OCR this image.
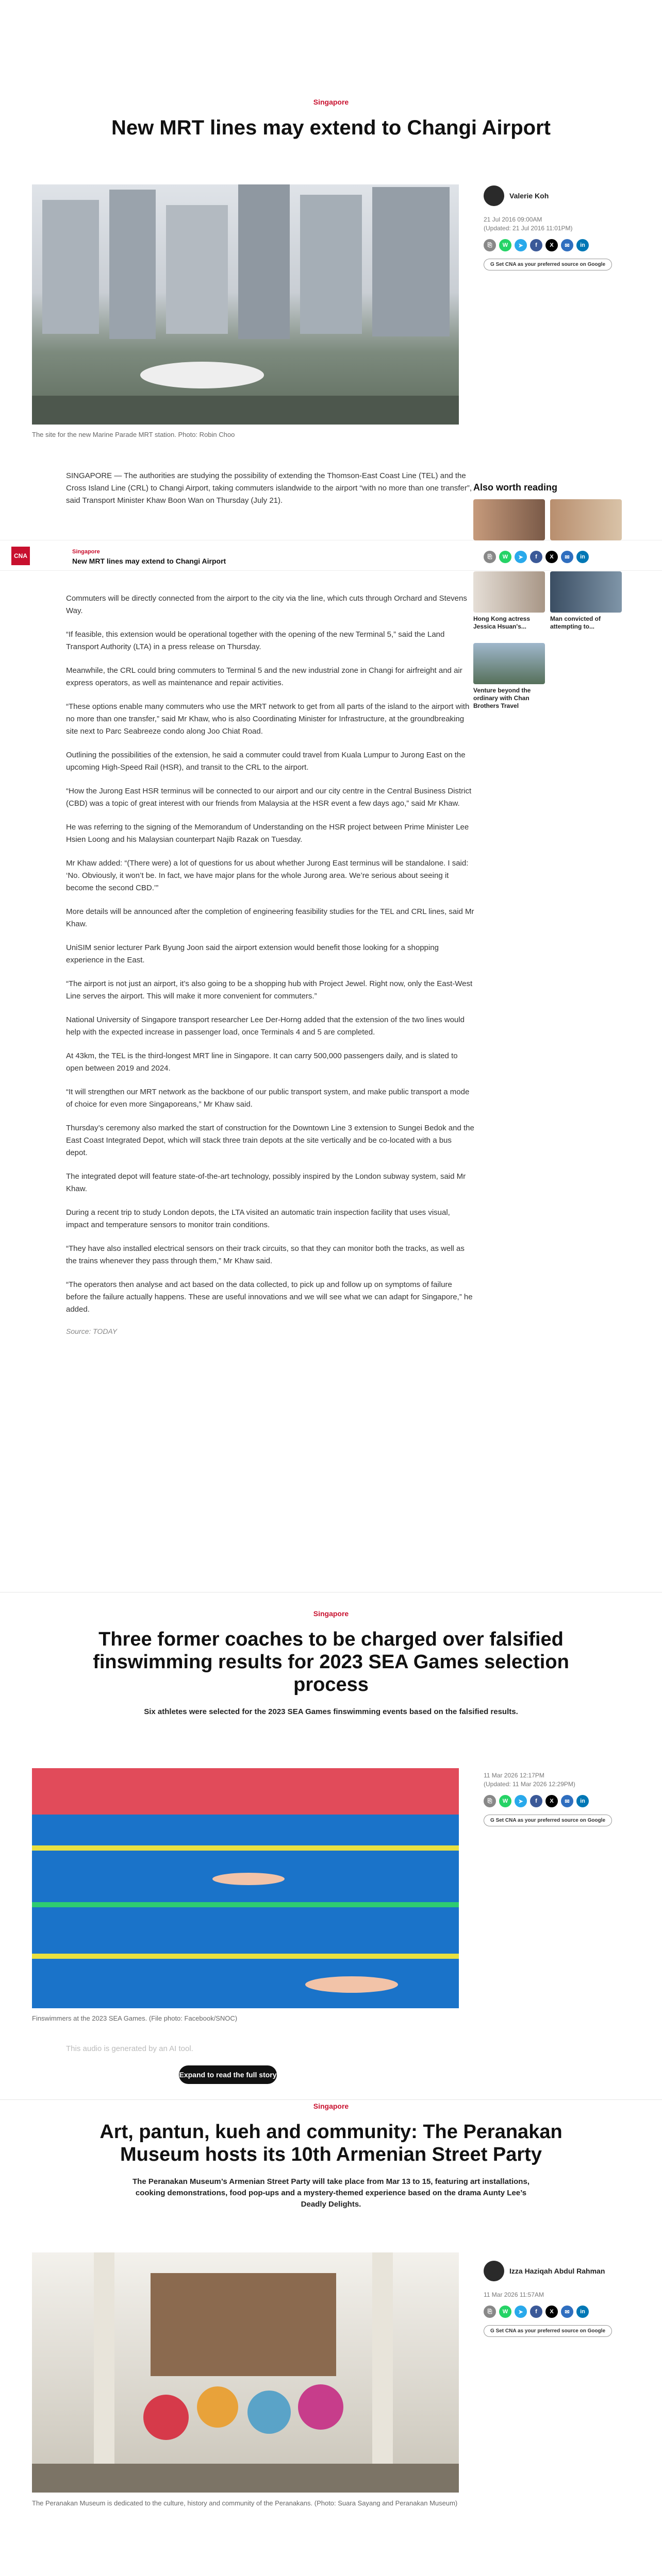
Singapore
New MRT lines may extend to Changi Airport
The site for the new Marine Parade MRT station. Photo: Robin Choo
Valerie Koh
21 Jul 2016 09:00AM
(Updated: 21 Jul 2016 11:01PM)
⎘	W	➤	f	X	✉	in
G Set CNA as your preferred source on Google

SINGAPORE — The authorities are studying the possibility of extending the Thomson-East Coast Line (TEL) and the Cross Island Line (CRL) to Changi Airport, taking commuters islandwide to the airport “with no more than one transfer”, said Transport Minister Khaw Boon Wan on Thursday (July 21).

CNA
Singapore
New MRT lines may extend to Changi Airport
⎘	W	➤	f	X	✉	in

Commuters will be directly connected from the airport to the city via the line, which cuts through Orchard and Stevens Way.

“If feasible, this extension would be operational together with the opening of the new Terminal 5,” said the Land Transport Authority (LTA) in a press release on Thursday.

Meanwhile, the CRL could bring commuters to Terminal 5 and the new industrial zone in Changi for airfreight and air express operators, as well as maintenance and repair activities.

“These options enable many commuters who use the MRT network to get from all parts of the island to the airport with no more than one transfer,” said Mr Khaw, who is also Coordinating Minister for Infrastructure, at the groundbreaking site next to Parc Seabreeze condo along Joo Chiat Road.

Outlining the possibilities of the extension, he said a commuter could travel from Kuala Lumpur to Jurong East on the upcoming High-Speed Rail (HSR), and transit to the CRL to the airport.

“How the Jurong East HSR terminus will be connected to our airport and our city centre in the Central Business District (CBD) was a topic of great interest with our friends from Malaysia at the HSR event a few days ago,” said Mr Khaw.

He was referring to the signing of the Memorandum of Understanding on the HSR project between Prime Minister Lee Hsien Loong and his Malaysian counterpart Najib Razak on Tuesday.

Mr Khaw added: “(There were) a lot of questions for us about whether Jurong East terminus will be standalone. I said: ‘No. Obviously, it won’t be. In fact, we have major plans for the whole Jurong area. We’re serious about seeing it become the second CBD.’”

More details will be announced after the completion of engineering feasibility studies for the TEL and CRL lines, said Mr Khaw.

UniSIM senior lecturer Park Byung Joon said the airport extension would benefit those looking for a shopping experience in the East.

“The airport is not just an airport, it’s also going to be a shopping hub with Project Jewel. Right now, only the East-West Line serves the airport. This will make it more convenient for commuters.”

National University of Singapore transport researcher Lee Der-Horng added that the extension of the two lines would help with the expected increase in passenger load, once Terminals 4 and 5 are completed.

At 43km, the TEL is the third-longest MRT line in Singapore. It can carry 500,000 passengers daily, and is slated to open between 2019 and 2024.

“It will strengthen our MRT network as the backbone of our public transport system, and make public transport a mode of choice for even more Singaporeans,” Mr Khaw said.

Thursday’s ceremony also marked the start of construction for the Downtown Line 3 extension to Sungei Bedok and the East Coast Integrated Depot, which will stack three train depots at the site vertically and be co-located with a bus depot.

The integrated depot will feature state-of-the-art technology, possibly inspired by the London subway system, said Mr Khaw.

During a recent trip to study London depots, the LTA visited an automatic train inspection facility that uses visual, impact and temperature sensors to monitor train conditions.

“They have also installed electrical sensors on their track circuits, so that they can monitor both the tracks, as well as the trains whenever they pass through them,” Mr Khaw said.

“The operators then analyse and act based on the data collected, to pick up and follow up on symptoms of failure before the failure actually happens. These are useful innovations and we will see what we can adapt for Singapore,” he added.

Source: TODAY
Also worth reading
Hong Kong actress Jessica Hsuan's...
Man convicted of attempting to...
Venture beyond the ordinary with Chan Brothers Travel
Singapore
Three former coaches to be charged over falsified finswimming results for 2023 SEA Games selection process
Six athletes were selected for the 2023 SEA Games finswimming events based on the falsified results.
Finswimmers at the 2023 SEA Games. (File photo: Facebook/SNOC)
11 Mar 2026 12:17PM
(Updated: 11 Mar 2026 12:29PM)
⎘	W	➤	f	X	✉	in
G Set CNA as your preferred source on Google
This audio is generated by an AI tool.
Expand to read the full story
Singapore
Art, pantun, kueh and community: The Peranakan Museum hosts its 10th Armenian Street Party
The Peranakan Museum’s Armenian Street Party will take place from Mar 13 to 15, featuring art installations, cooking demonstrations, food pop-ups and a mystery-themed experience based on the drama Aunty Lee’s Deadly Delights.
The Peranakan Museum is dedicated to the culture, history and community of the Peranakans. (Photo: Suara Sayang and Peranakan Museum)
Izza Haziqah Abdul Rahman
11 Mar 2026 11:57AM
⎘	W	➤	f	X	✉	in
G Set CNA as your preferred source on Google
